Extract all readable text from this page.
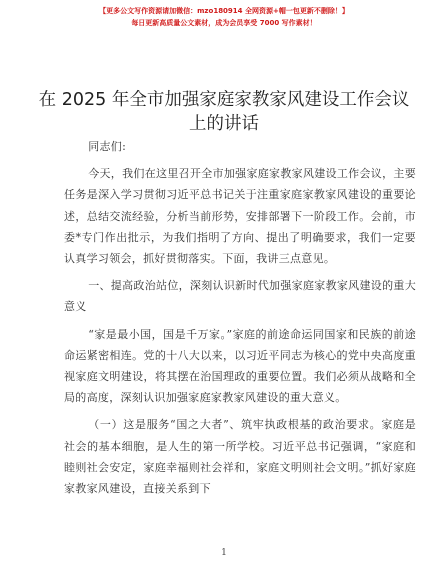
【更多公文写作资源请加微信：mzo180914 全网资源+帽一包更新不删除！】
每日更新高质量公文素材，成为会员享受 7000 写作素材！
在 2025 年全市加强家庭家教家风建设工作会议上的讲话

同志们:

今天，我们在这里召开全市加强家庭家教家风建设工作会议，主要任务是深入学习贯彻习近平总书记关于注重家庭家教家风建设的重要论述，总结交流经验，分析当前形势，安排部署下一阶段工作。会前，市委*专门作出批示，为我们指明了方向、提出了明确要求，我们一定要认真学习领会，抓好贯彻落实。下面，我讲三点意见。

一、提高政治站位，深刻认识新时代加强家庭家教家风建设的重大意义

“家是最小国，国是千万家。”家庭的前途命运同国家和民族的前途命运紧密相连。党的十八大以来，以习近平同志为核心的党中央高度重视家庭文明建设，将其摆在治国理政的重要位置。我们必须从战略和全局的高度，深刻认识加强家庭家教家风建设的重大意义。

（一）这是服务“国之大者”、筑牢执政根基的政治要求。家庭是社会的基本细胞，是人生的第一所学校。习近平总书记强调，“家庭和睦则社会安定，家庭幸福则社会祥和，家庭文明则社会文明。”抓好家庭家教家风建设，直接关系到下

1
